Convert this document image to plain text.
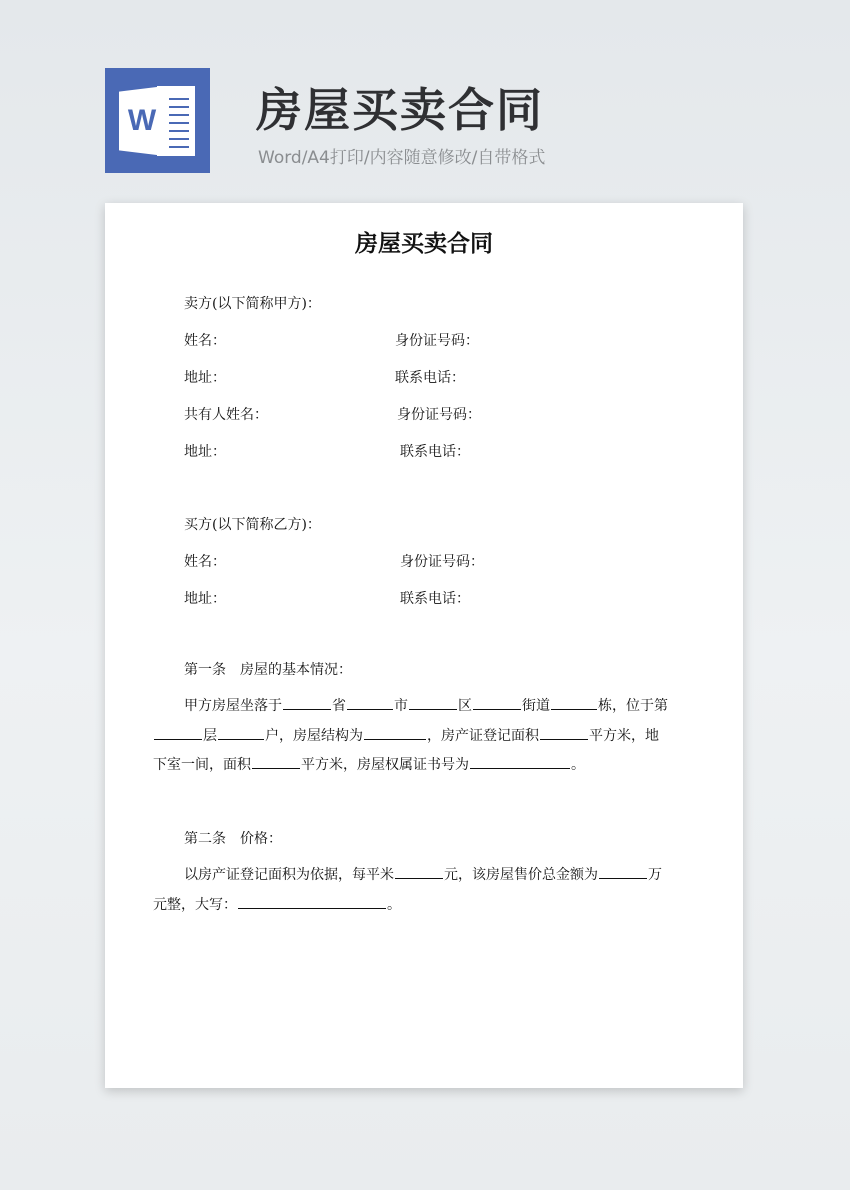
W 房屋买卖合同
Word/A4打印/内容随意修改/自带格式
房屋买卖合同
卖方(以下简称甲方)：
姓名：	身份证号码：
地址：	联系电话：
共有人姓名：	身份证号码：
地址：	联系电话：
买方(以下简称乙方)：
姓名：	身份证号码：
地址：	联系电话：
第一条 房屋的基本情况：
甲方房屋坐落于	省	市	区	街道	栋，位于第
层	户，房屋结构为	，房产证登记面积	平方米，地
下室一间，面积	平方米，房屋权属证书号为	。
第二条 价格：
以房产证登记面积为依据，每平米	元，该房屋售价总金额为	万
元整，大写：	。
